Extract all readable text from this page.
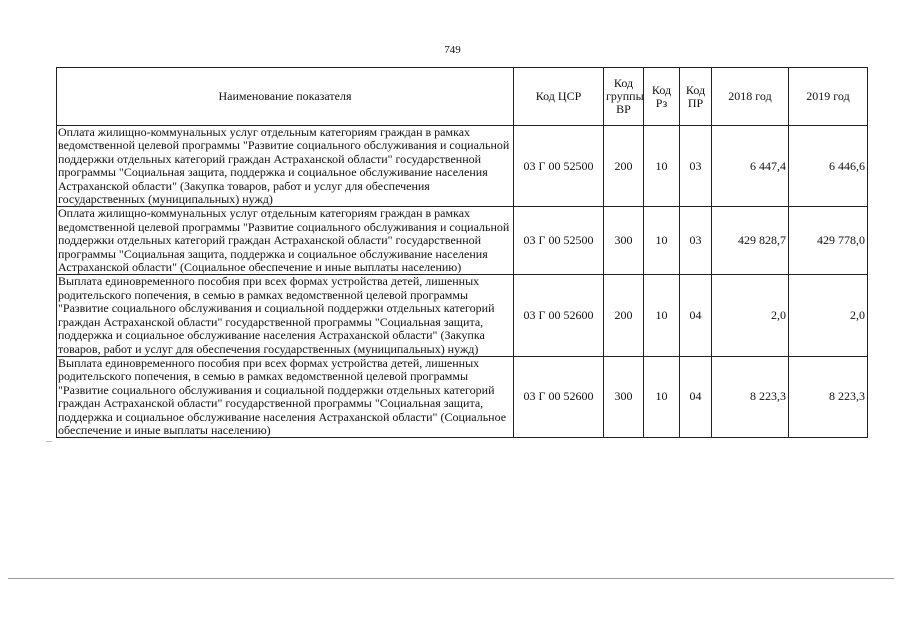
749
Наименование показателя	Код ЦСР	Код группы ВР	Код Рз	Код ПР	2018 год	2019 год
Оплата жилищно-коммунальных услуг отдельным категориям граждан в рамках ведомственной целевой программы "Развитие социального обслуживания и социальной поддержки отдельных категорий граждан Астраханской области" государственной программы "Социальная защита, поддержка и социальное обслуживание населения Астраханской области" (Закупка товаров, работ и услуг для обеспечения государственных (муниципальных) нужд)	03 Г 00 52500	200	10	03	6 447,4	6 446,6
Оплата жилищно-коммунальных услуг отдельным категориям граждан в рамках ведомственной целевой программы "Развитие социального обслуживания и социальной поддержки отдельных категорий граждан Астраханской области" государственной программы "Социальная защита, поддержка и социальное обслуживание населения Астраханской области" (Социальное обеспечение и иные выплаты населению)	03 Г 00 52500	300	10	03	429 828,7	429 778,0
Выплата единовременного пособия при всех формах устройства детей, лишенных родительского попечения, в семью в рамках ведомственной целевой программы "Развитие социального обслуживания и социальной поддержки отдельных категорий граждан Астраханской области" государственной программы "Социальная защита, поддержка и социальное обслуживание населения Астраханской области" (Закупка товаров, работ и услуг для обеспечения государственных (муниципальных) нужд)	03 Г 00 52600	200	10	04	2,0	2,0
Выплата единовременного пособия при всех формах устройства детей, лишенных родительского попечения, в семью в рамках ведомственной целевой программы "Развитие социального обслуживания и социальной поддержки отдельных категорий граждан Астраханской области" государственной программы "Социальная защита, поддержка и социальное обслуживание населения Астраханской области" (Социальное обеспечение и иные выплаты населению)	03 Г 00 52600	300	10	04	8 223,3	8 223,3
